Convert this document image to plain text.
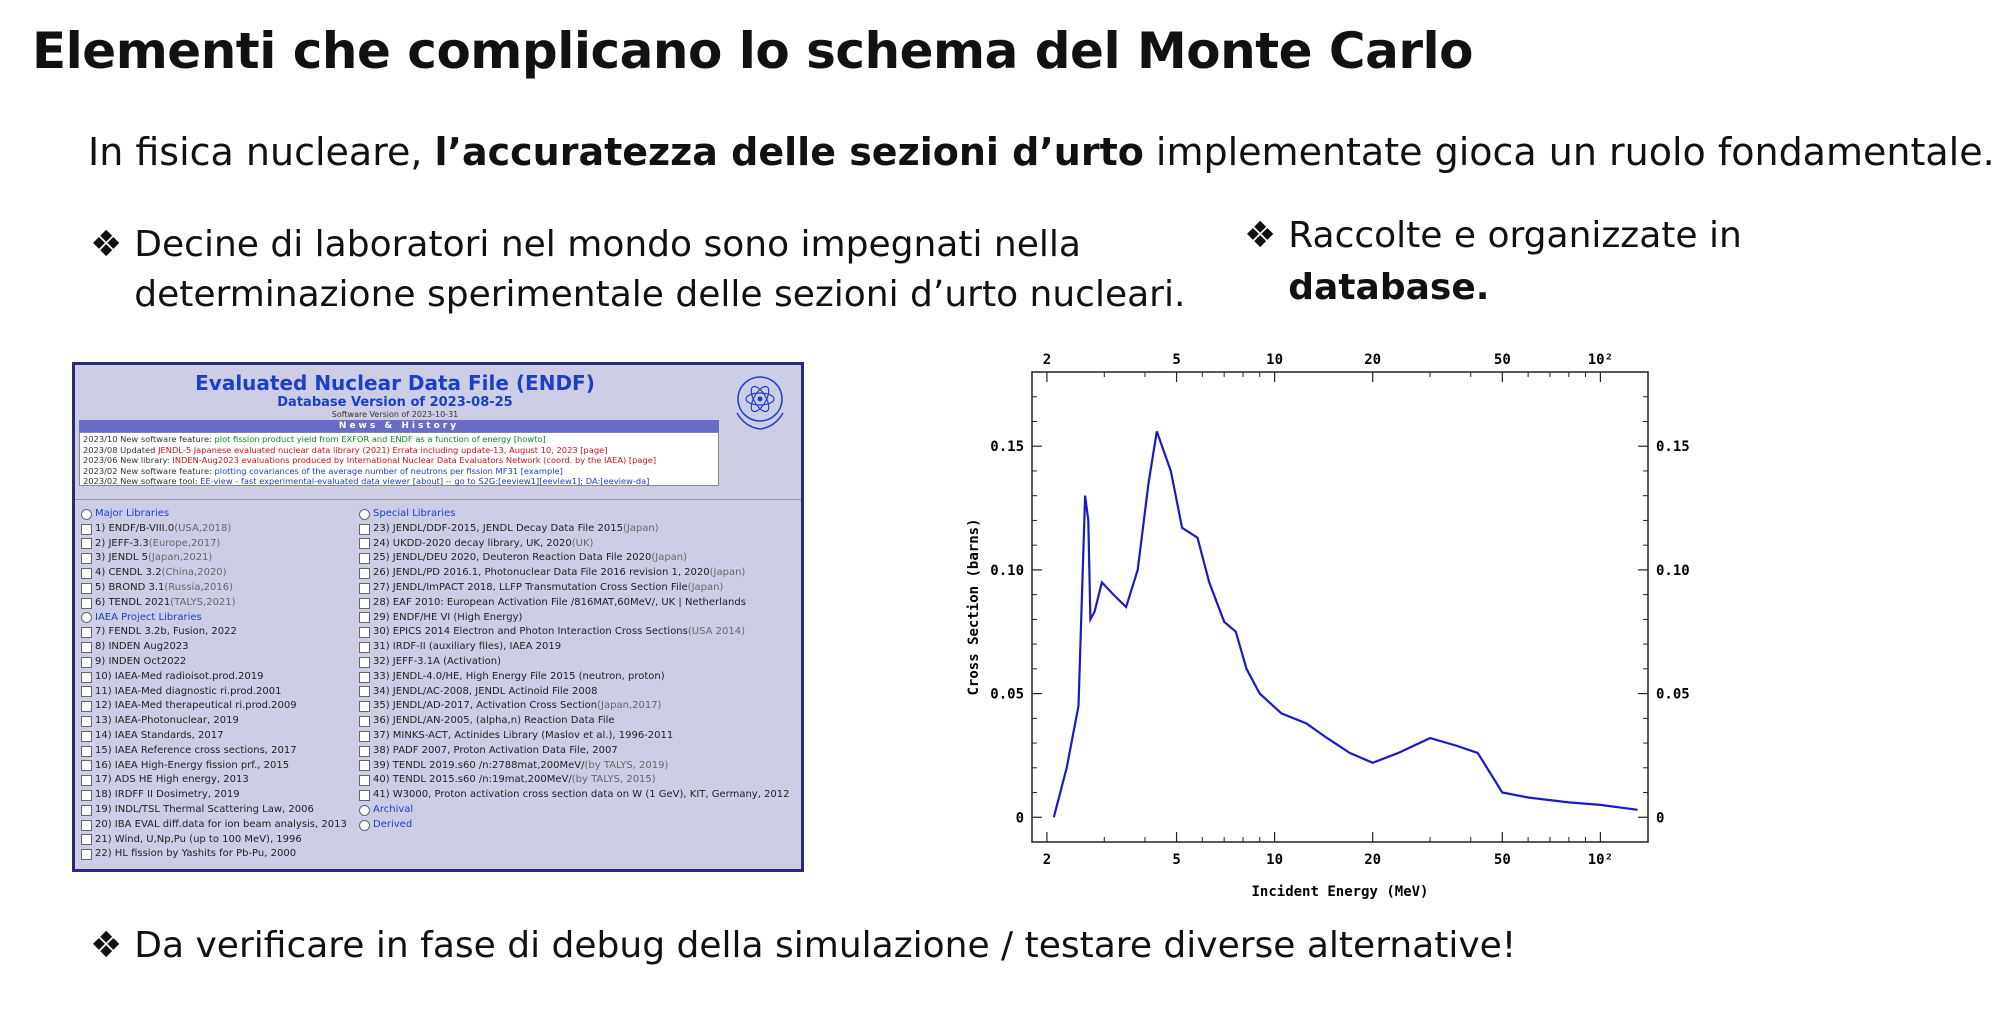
Elementi che complicano lo schema del Monte Carlo
In fisica nucleare, l’accuratezza delle sezioni d’urto implementate gioca un ruolo fondamentale.
❖ Decine di laboratori nel mondo sono impegnati nella
determinazione sperimentale delle sezioni d’urto nucleari.
❖ Raccolte e organizzate in
database.
Evaluated Nuclear Data File (ENDF)
Database Version of 2023-08-25
Software Version of 2023-10-31
News & History
2023/10 New software feature: plot fission product yield from EXFOR and ENDF as a function of energy [howto]
2023/08 Updated JENDL-5 Japanese evaluated nuclear data library (2021) Errata including update-13, August 10, 2023 [page]
2023/06 New library: INDEN-Aug2023 evaluations produced by International Nuclear Data Evaluators Network (coord. by the IAEA) [page]
2023/02 New software feature: plotting covariances of the average number of neutrons per fission MF31 [example]
2023/02 New software tool: EE-view - fast experimental-evaluated data viewer [about] -- go to S2G:[eeview1][eeview1]; DA:[eeview-da]
Major Libraries
1) ENDF/B-VIII.0 (USA,2018)
2) JEFF-3.3 (Europe,2017)
3) JENDL 5 (Japan,2021)
4) CENDL 3.2 (China,2020)
5) BROND 3.1 (Russia,2016)
6) TENDL 2021 (TALYS,2021)
IAEA Project Libraries
7) FENDL 3.2b, Fusion, 2022
8) INDEN Aug2023
9) INDEN Oct2022
10) IAEA-Med radioisot.prod.2019
11) IAEA-Med diagnostic ri.prod.2001
12) IAEA-Med therapeutical ri.prod.2009
13) IAEA-Photonuclear, 2019
14) IAEA Standards, 2017
15) IAEA Reference cross sections, 2017
16) IAEA High-Energy fission prf., 2015
17) ADS HE High energy, 2013
18) IRDFF II Dosimetry, 2019
19) INDL/TSL Thermal Scattering Law, 2006
20) IBA EVAL diff.data for ion beam analysis, 2013
21) Wind, U,Np,Pu (up to 100 MeV), 1996
22) HL fission by Yashits for Pb-Pu, 2000
Special Libraries
23) JENDL/DDF-2015, JENDL Decay Data File 2015 (Japan)
24) UKDD-2020 decay library, UK, 2020 (UK)
25) JENDL/DEU 2020, Deuteron Reaction Data File 2020 (Japan)
26) JENDL/PD 2016.1, Photonuclear Data File 2016 revision 1, 2020 (Japan)
27) JENDL/ImPACT 2018, LLFP Transmutation Cross Section File (Japan)
28) EAF 2010: European Activation File /816MAT,60MeV/, UK | Netherlands
29) ENDF/HE VI (High Energy)
30) EPICS 2014 Electron and Photon Interaction Cross Sections (USA 2014)
31) IRDF-II (auxiliary files), IAEA 2019
32) JEFF-3.1A (Activation)
33) JENDL-4.0/HE, High Energy File 2015 (neutron, proton)
34) JENDL/AC-2008, JENDL Actinoid File 2008
35) JENDL/AD-2017, Activation Cross Section (Japan,2017)
36) JENDL/AN-2005, (alpha,n) Reaction Data File
37) MINKS-ACT, Actinides Library (Maslov et al.), 1996-2011
38) PADF 2007, Proton Activation Data File, 2007
39) TENDL 2019.s60 /n:2788mat,200MeV/ (by TALYS, 2019)
40) TENDL 2015.s60 /n:19mat,200MeV/ (by TALYS, 2015)
41) W3000, Proton activation cross section data on W (1 GeV), KIT, Germany, 2012
Archival
Derived
2
2
5
5
10
10
20
20
50
50
10²
10²
0	0
0.05	0.05
0.10	0.10
0.15	0.15
Incident Energy (MeV)
Cross Section (barns)
❖ Da verificare in fase di debug della simulazione / testare diverse alternative!
